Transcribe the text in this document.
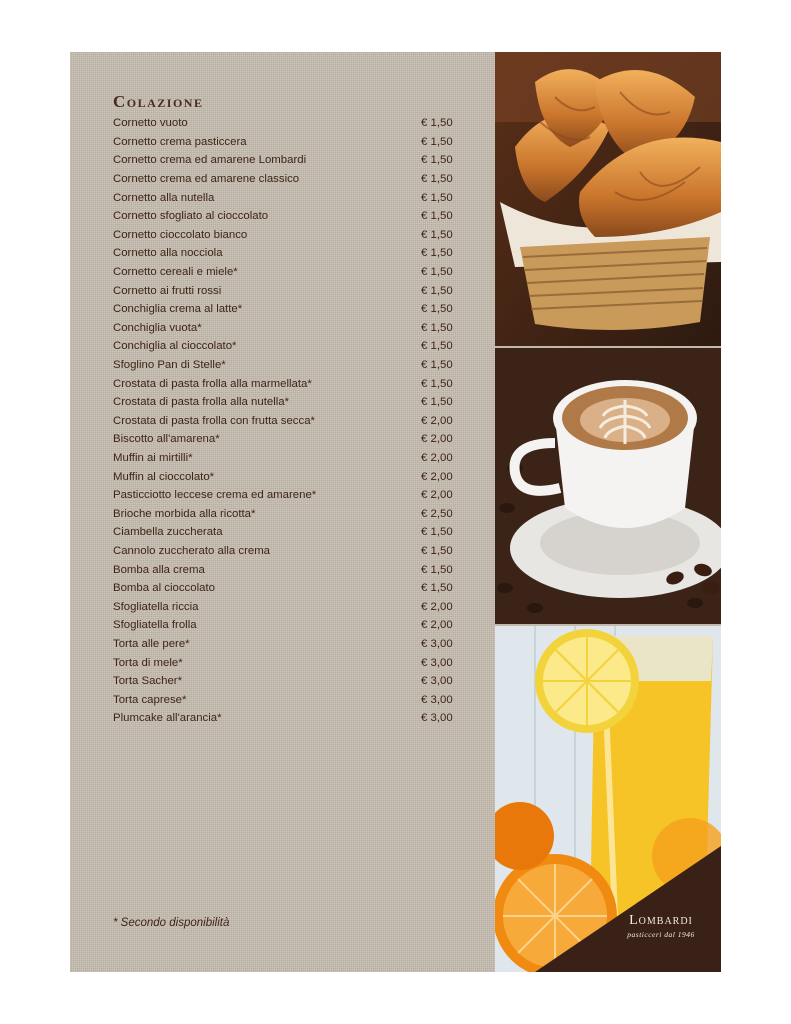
Colazione
Cornetto vuoto	€ 1,50
Cornetto crema pasticcera	€ 1,50
Cornetto crema ed amarene Lombardi	€ 1,50
Cornetto crema ed amarene classico	€ 1,50
Cornetto alla nutella	€ 1,50
Cornetto sfogliato al cioccolato	€ 1,50
Cornetto cioccolato bianco	€ 1,50
Cornetto alla nocciola	€ 1,50
Cornetto cereali e miele*	€ 1,50
Cornetto ai frutti rossi	€ 1,50
Conchiglia crema al latte*	€ 1,50
Conchiglia vuota*	€ 1,50
Conchiglia al cioccolato*	€ 1,50
Sfoglino Pan di Stelle*	€ 1,50
Crostata di pasta frolla alla marmellata*	€ 1,50
Crostata di pasta frolla alla nutella*	€ 1,50
Crostata di pasta frolla con frutta secca*	€ 2,00
Biscotto all'amarena*	€ 2,00
Muffin ai mirtilli*	€ 2,00
Muffin al cioccolato*	€ 2,00
Pasticciotto leccese crema ed amarene*	€ 2,00
Brioche morbida alla ricotta*	€ 2,50
Ciambella zuccherata	€ 1,50
Cannolo zuccherato alla crema	€ 1,50
Bomba alla crema	€ 1,50
Bomba al cioccolato	€ 1,50
Sfogliatella riccia	€ 2,00
Sfogliatella frolla	€ 2,00
Torta alle pere*	€ 3,00
Torta di mele*	€ 3,00
Torta Sacher*	€ 3,00
Torta caprese*	€ 3,00
Plumcake all'arancia*	€ 3,00

* Secondo disponibilità	Lombardi
pasticceri dal 1946
